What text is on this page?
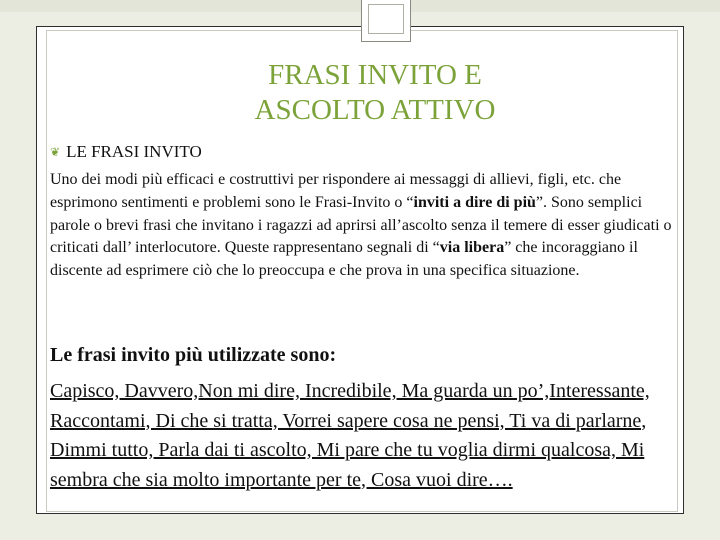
FRASI INVITO E
ASCOLTO ATTIVO
❦ LE FRASI INVITO

Uno dei modi più efficaci e costruttivi per rispondere ai messaggi di allievi, figli, etc. che esprimono sentimenti e problemi sono le Frasi-Invito o “inviti a dire di più”. Sono semplici parole o brevi frasi che invitano i ragazzi ad aprirsi all’ascolto senza il temere di esser giudicati o criticati dall’ interlocutore. Queste rappresentano segnali di “via libera” che incoraggiano il discente ad esprimere ciò che lo preoccupa e che prova in una specifica situazione.

Le frasi invito più utilizzate sono:

Capisco, Davvero,Non mi dire, Incredibile, Ma guarda un po’,Interessante, Raccontami, Di che si tratta, Vorrei sapere cosa ne pensi, Ti va di parlarne, Dimmi tutto, Parla dai ti ascolto, Mi pare che tu voglia dirmi qualcosa, Mi sembra che sia molto importante per te, Cosa vuoi dire….
